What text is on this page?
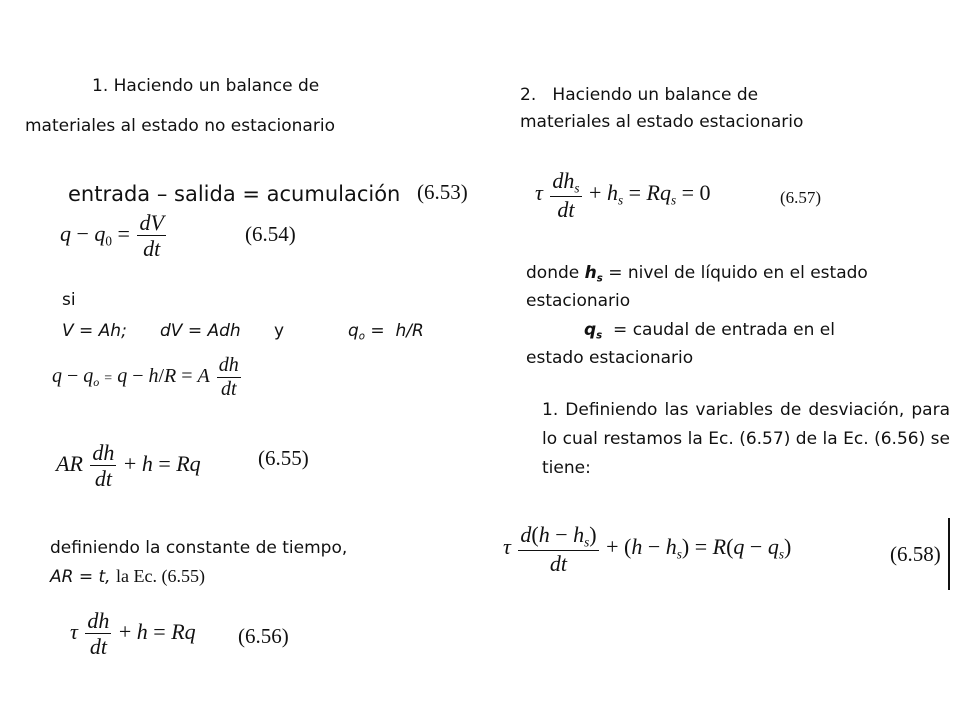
1. Haciendo un balance de
materiales al estado no estacionario
entrada – salida = acumulación (6.53)
$q - q_0 = \frac{dV}{dt}$	(6.54)
si
V = Ah; dV = Adh y	$q_o = h/R$
$q - q_o = q - h/R = A \frac{dh}{dt}$
AR $\frac{dh}{dt} + h = Rq$	(6.55)
definiendo la constante de tiempo,
AR = t, la Ec. (6.55)
τ $\frac{dh}{dt} + h = Rq$ (6.56)
2.   Haciendo un balance de
materiales al estado estacionario
τ $\frac{dh_s}{dt} + h_s = Rq_s = 0$	(6.57)
donde $h_s$ = nivel de líquido en el estado
estacionario
$q_s$  = caudal de entrada en el
estado estacionario
1. Definiendo las variables de desviación, para lo cual restamos la Ec. (6.57) de la Ec. (6.56) se tiene:
τ $\frac{d(h - h_s)}{dt} + (h - h_s) = R(q - q_s)$	(6.58)
